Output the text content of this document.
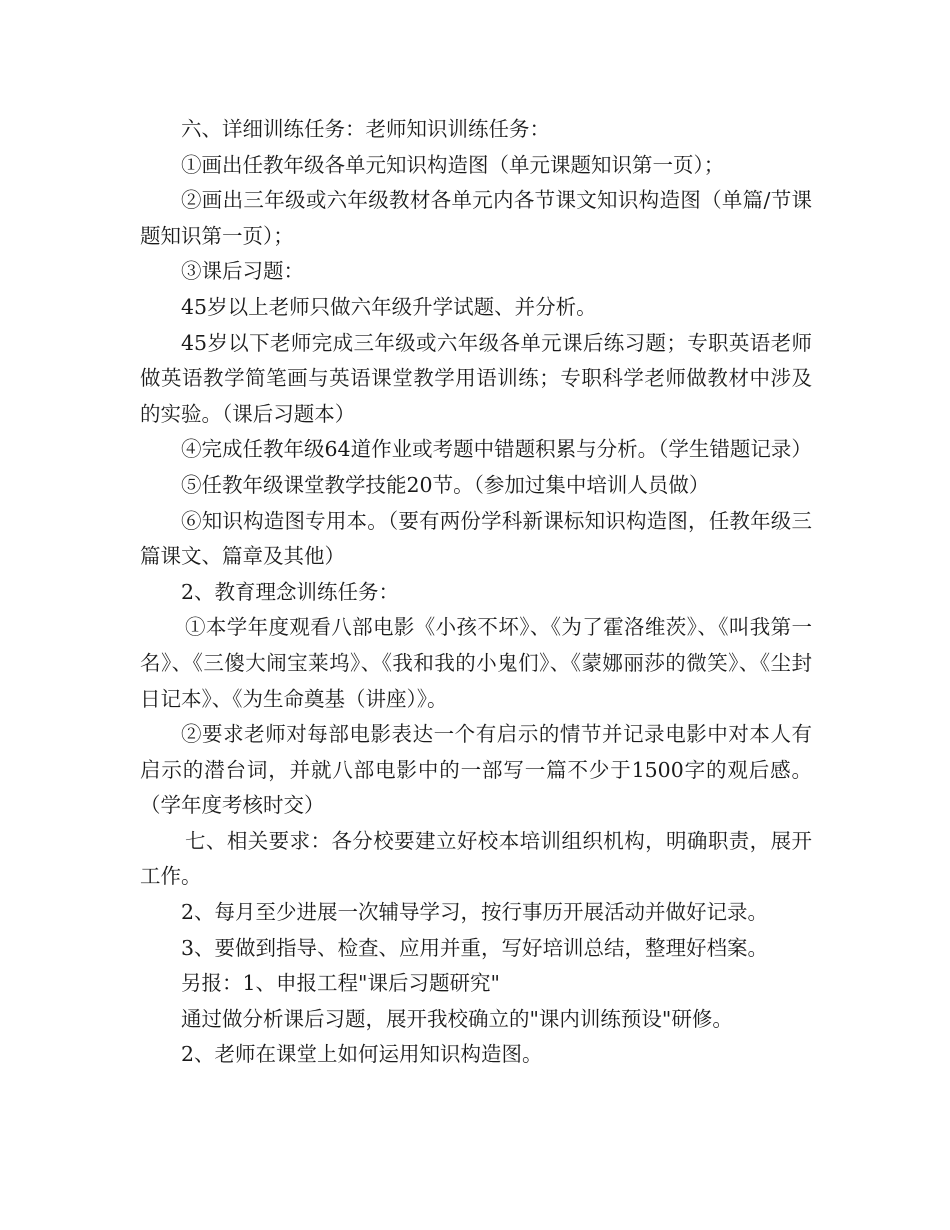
六、详细训练任务：老师知识训练任务：

①画出任教年级各单元知识构造图（单元课题知识第一页）；

②画出三年级或六年级教材各单元内各节课文知识构造图（单篇/节课题知识第一页）；

③课后习题：

45岁以上老师只做六年级升学试题、并分析。

45岁以下老师完成三年级或六年级各单元课后练习题；专职英语老师做英语教学简笔画与英语课堂教学用语训练；专职科学老师做教材中涉及的实验。（课后习题本）

④完成任教年级64道作业或考题中错题积累与分析。（学生错题记录）

⑤任教年级课堂教学技能20节。（参加过集中培训人员做）

⑥知识构造图专用本。（要有两份学科新课标知识构造图，任教年级三篇课文、篇章及其他）

2、教育理念训练任务：

①本学年度观看八部电影《小孩不坏》、《为了霍洛维茨》、《叫我第一名》、《三傻大闹宝莱坞》、《我和我的小鬼们》、《蒙娜丽莎的微笑》、《尘封日记本》、《为生命奠基（讲座）》。

②要求老师对每部电影表达一个有启示的情节并记录电影中对本人有启示的潜台词，并就八部电影中的一部写一篇不少于1500字的观后感。（学年度考核时交）

七、相关要求：各分校要建立好校本培训组织机构，明确职责，展开工作。

2、每月至少进展一次辅导学习，按行事历开展活动并做好记录。

3、要做到指导、检查、应用并重，写好培训总结，整理好档案。

另报：1、申报工程"课后习题研究"

通过做分析课后习题，展开我校确立的"课内训练预设"研修。

2、老师在课堂上如何运用知识构造图。
